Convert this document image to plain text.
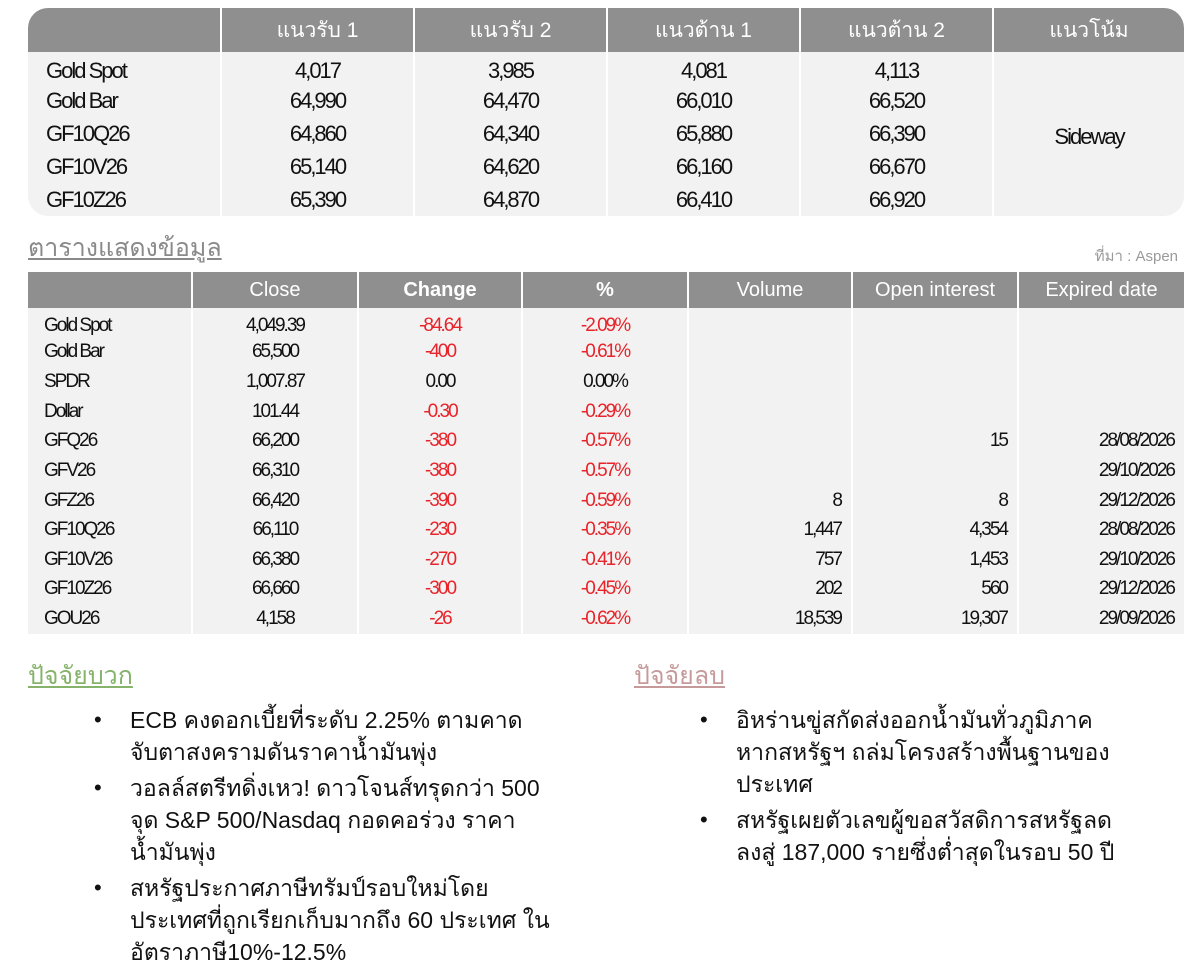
	แนวรับ 1	แนวรับ 2	แนวต้าน 1	แนวต้าน 2	แนวโน้ม
Gold Spot	4,017	3,985	4,081	4,113	Sideway
Gold Bar	64,990	64,470	66,010	66,520	
GF10Q26	64,860	64,340	65,880	66,390	
GF10V26	65,140	64,620	66,160	66,670	
GF10Z26	65,390	64,870	66,410	66,920	
ตารางแสดงข้อมูล	ที่มา : Aspen
	Close	Change	%	Volume	Open interest	Expired date
Gold Spot	4,049.39	-84.64	-2.09%			
Gold Bar	65,500	-400	-0.61%			
SPDR	1,007.87	0.00	0.00%			
Dollar	101.44	-0.30	-0.29%			
GFQ26	66,200	-380	-0.57%		15	28/08/2026
GFV26	66,310	-380	-0.57%			29/10/2026
GFZ26	66,420	-390	-0.59%	8	8	29/12/2026
GF10Q26	66,110	-230	-0.35%	1,447	4,354	28/08/2026
GF10V26	66,380	-270	-0.41%	757	1,453	29/10/2026
GF10Z26	66,660	-300	-0.45%	202	560	29/12/2026
GOU26	4,158	-26	-0.62%	18,539	19,307	29/09/2026
ปัจจัยบวก	ปัจจัยลบ
• ECB คงดอกเบี้ยที่ระดับ 2.25% ตามคาด จับตาสงครามดันราคาน้ำมันพุ่ง
• วอลล์สตรีทดิ่งเหว! ดาวโจนส์ทรุดกว่า 500 จุด S&P 500/Nasdaq กอดคอร่วง ราคาน้ำมันพุ่ง
• สหรัฐประกาศภาษีทรัมป์รอบใหม่โดยประเทศที่ถูกเรียกเก็บมากถึง 60 ประเทศ ในอัตราภาษี10%-12.5%
• อิหร่านขู่สกัดส่งออกน้ำมันทั่วภูมิภาค หากสหรัฐฯ ถล่มโครงสร้างพื้นฐานของประเทศ
• สหรัฐเผยตัวเลขผู้ขอสวัสดิการสหรัฐลดลงสู่ 187,000 รายซึ่งต่ำสุดในรอบ 50 ปี
